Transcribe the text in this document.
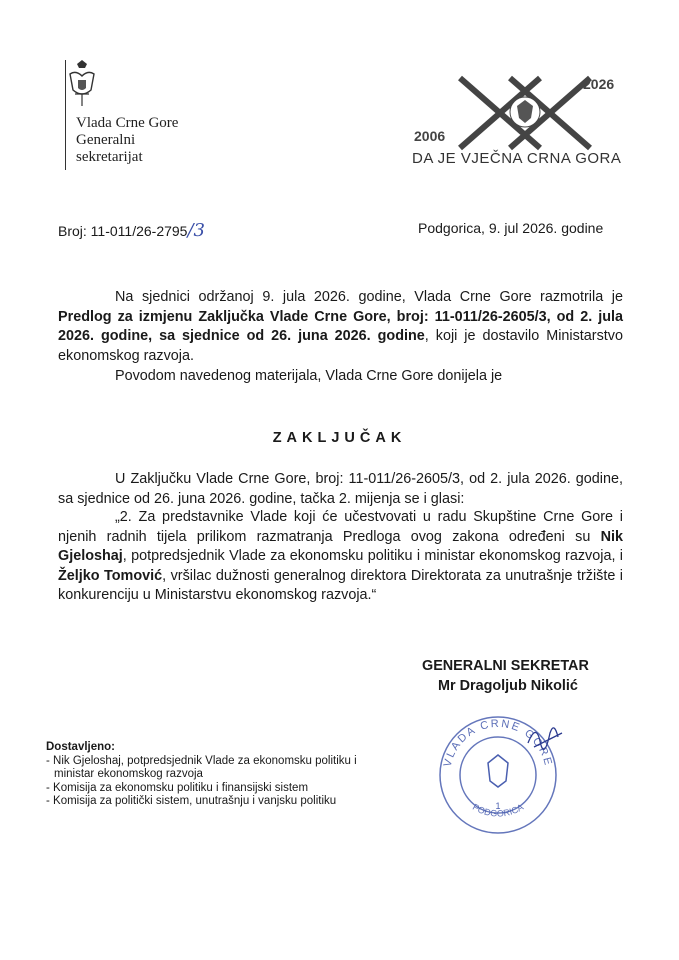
Vlada Crne Gore
Generalni
sekretarijat
2026
2006
DA JE VJEČNA CRNA GORA
Broj: 11-011/26-2795/3	Podgorica, 9. jul 2026. godine
Na sjednici održanoj 9. jula 2026. godine, Vlada Crne Gore razmotrila je Predlog za izmjenu Zaključka Vlade Crne Gore, broj: 11-011/26-2605/3, od 2. jula 2026. godine, sa sjednice od 26. juna 2026. godine, koji je dostavilo Ministarstvo ekonomskog razvoja.
Povodom navedenog materijala, Vlada Crne Gore donijela je
ZAKLJUČAK
U Zaključku Vlade Crne Gore, broj: 11-011/26-2605/3, od 2. jula 2026. godine, sa sjednice od 26. juna 2026. godine, tačka 2. mijenja se i glasi:
„2. Za predstavnike Vlade koji će učestvovati u radu Skupštine Crne Gore i njenih radnih tijela prilikom razmatranja Predloga ovog zakona određeni su Nik Gjeloshaj, potpredsjednik Vlade za ekonomsku politiku i ministar ekonomskog razvoja, i Željko Tomović, vršilac dužnosti generalnog direktora Direktorata za unutrašnje tržište i konkurenciju u Ministarstvu ekonomskog razvoja.“
GENERALNI SEKRETAR
Mr Dragoljub Nikolić
VLADA CRNE GORE
PODGORICA
1
Dostavljeno:
- Nik Gjeloshaj, potpredsjednik Vlade za ekonomsku politiku i ministar ekonomskog razvoja
- Komisija za ekonomsku politiku i finansijski sistem
- Komisija za politički sistem, unutrašnju i vanjsku politiku
